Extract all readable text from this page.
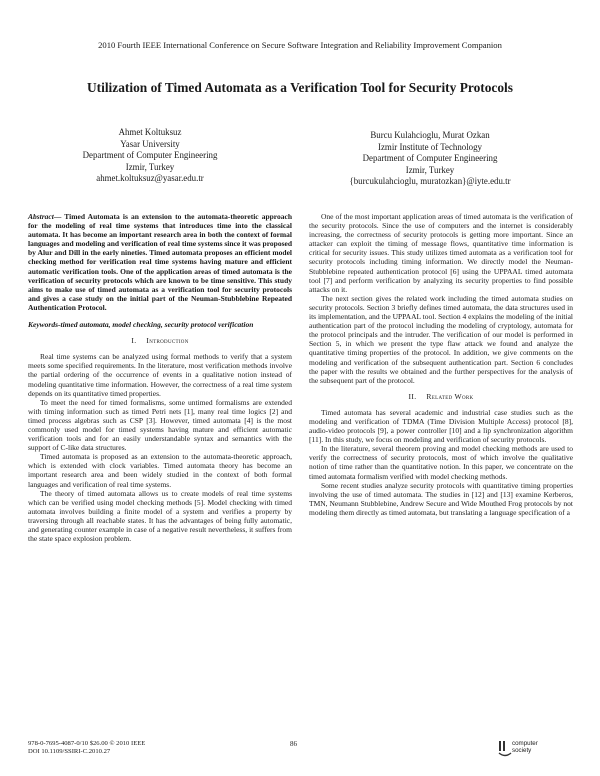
2010 Fourth IEEE International Conference on Secure Software Integration and Reliability Improvement Companion
Utilization of Timed Automata as a Verification Tool for Security Protocols
Ahmet Koltuksuz
Yasar University
Department of Computer Engineering
Izmir, Turkey
ahmet.koltuksuz@yasar.edu.tr
Burcu Kulahcioglu, Murat Ozkan
Izmir Institute of Technology
Department of Computer Engineering
Izmir, Turkey
{burcukulahcioglu, muratozkan}@iyte.edu.tr

Abstract— Timed Automata is an extension to the automata-theoretic approach for the modeling of real time systems that introduces time into the classical automata. It has become an important research area in both the context of formal languages and modeling and verification of real time systems since it was proposed by Alur and Dill in the early nineties. Timed automata proposes an efficient model checking method for verification real time systems having mature and efficient automatic verification tools. One of the application areas of timed automata is the verification of security protocols which are known to be time sensitive. This study aims to make use of timed automata as a verification tool for security protocols and gives a case study on the initial part of the Neuman-Stubblebine Repeated Authentication Protocol.

Keywords-timed automata, model checking, security protocol verification

I. Introduction

Real time systems can be analyzed using formal methods to verify that a system meets some specified requirements. In the literature, most verification methods involve the partial ordering of the occurrence of events in a qualitative notion instead of modeling quantitative time information. However, the correctness of a real time system depends on its quantitative timed properties.

To meet the need for timed formalisms, some untimed formalisms are extended with timing information such as timed Petri nets [1], many real time logics [2] and timed process algebras such as CSP [3]. However, timed automata [4] is the most commonly used model for timed systems having mature and efficient automatic verification tools and for an easily understandable syntax and semantics with the support of C-like data structures.

Timed automata is proposed as an extension to the automata-theoretic approach, which is extended with clock variables. Timed automata theory has become an important research area and been widely studied in the context of both formal languages and verification of real time systems.

The theory of timed automata allows us to create models of real time systems which can be verified using model checking methods [5]. Model checking with timed automata involves building a finite model of a system and verifies a property by traversing through all reachable states. It has the advantages of being fully automatic, and generating counter example in case of a negative result nevertheless, it suffers from the state space explosion problem.

One of the most important application areas of timed automata is the verification of the security protocols. Since the use of computers and the internet is considerably increasing, the correctness of security protocols is getting more important. Since an attacker can exploit the timing of message flows, quantitative time information is critical for security issues. This study utilizes timed automata as a verification tool for security protocols including timing information. We directly model the Neuman-Stubblebine repeated authentication protocol [6] using the UPPAAL timed automata tool [7] and perform verification by analyzing its security properties to find possible attacks on it.

The next section gives the related work including the timed automata studies on security protocols. Section 3 briefly defines timed automata, the data structures used in its implementation, and the UPPAAL tool. Section 4 explains the modeling of the initial authentication part of the protocol including the modeling of cryptology, automata for the protocol principals and the intruder. The verification of our model is performed in Section 5, in which we present the type flaw attack we found and analyze the quantitative timing properties of the protocol. In addition, we give comments on the modeling and verification of the subsequent authentication part. Section 6 concludes the paper with the results we obtained and the further perspectives for the analysis of the subsequent part of the protocol.

II. Related Work

Timed automata has several academic and industrial case studies such as the modeling and verification of TDMA (Time Division Multiple Access) protocol [8], audio-video protocols [9], a power controller [10] and a lip synchronization algorithm [11]. In this study, we focus on modeling and verification of security protocols.

In the literature, several theorem proving and model checking methods are used to verify the correctness of security protocols, most of which involve the qualitative notion of time rather than the quantitative notion. In this paper, we concentrate on the timed automata formalism verified with model checking methods.

Some recent studies analyze security protocols with quantitative timing properties involving the use of timed automata. The studies in [12] and [13] examine Kerberos, TMN, Neumann Stubblebine, Andrew Secure and Wide Mouthed Frog protocols by not modeling them directly as timed automata, but translating a language specification of a

978-0-7695-4087-0/10 $26.00 © 2010 IEEE
DOI 10.1109/SSIRI-C.2010.27
86	computer
society
